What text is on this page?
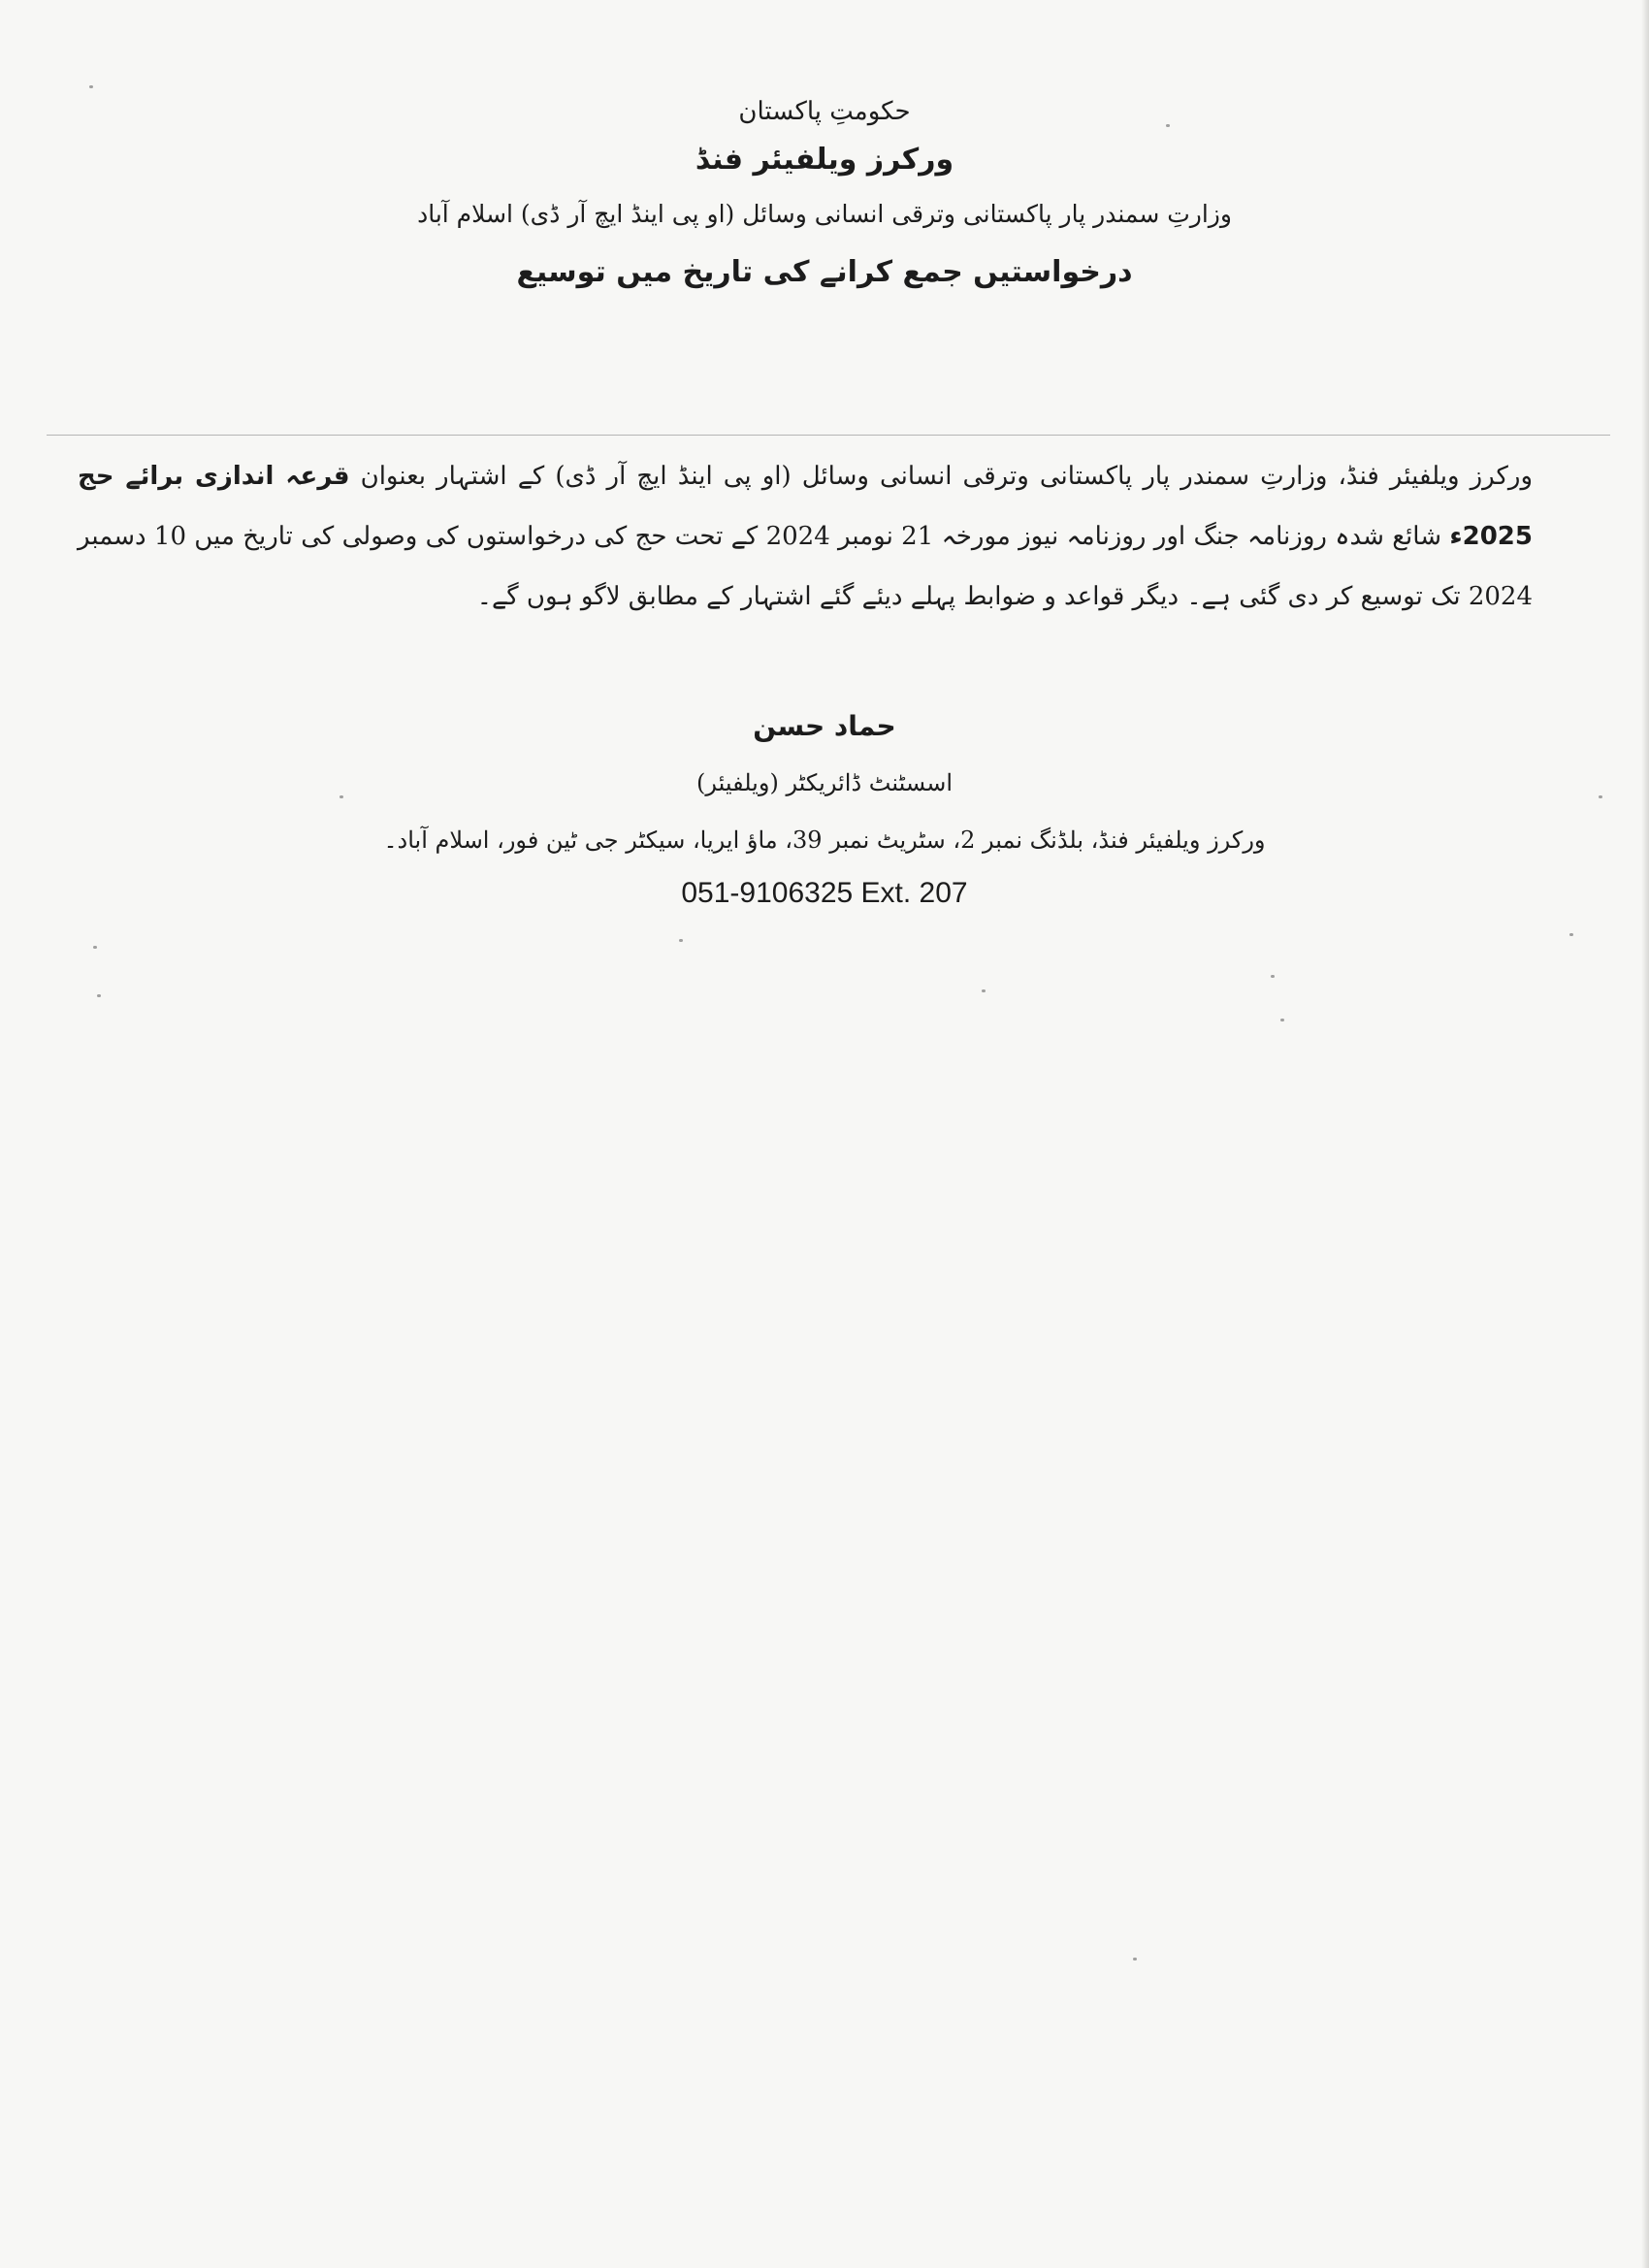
حکومتِ پاکستان

ورکرز ویلفیئر فنڈ

وزارتِ سمندر پار پاکستانی وترقی انسانی وسائل (او پی اینڈ ایچ آر ڈی) اسلام آباد

درخواستیں جمع کرانے کی تاریخ میں توسیع

ورکرز ویلفیئر فنڈ، وزارتِ سمندر پار پاکستانی وترقی انسانی وسائل (او پی اینڈ ایچ آر ڈی) کے اشتہار بعنوان قرعہ اندازی برائے حج 2025ء شائع شدہ روزنامہ جنگ اور روزنامہ نیوز مورخہ 21 نومبر 2024 کے تحت حج کی درخواستوں کی وصولی کی تاریخ میں 10 دسمبر 2024 تک توسیع کر دی گئی ہے۔ دیگر قواعد و ضوابط پہلے دیئے گئے اشتہار کے مطابق لاگو ہوں گے۔

حماد حسن

اسسٹنٹ ڈائریکٹر (ویلفیئر)

ورکرز ویلفیئر فنڈ، بلڈنگ نمبر 2، سٹریٹ نمبر 39، ماؤ ایریا، سیکٹر جی ٹین فور، اسلام آباد۔

051-9106325 Ext. 207
